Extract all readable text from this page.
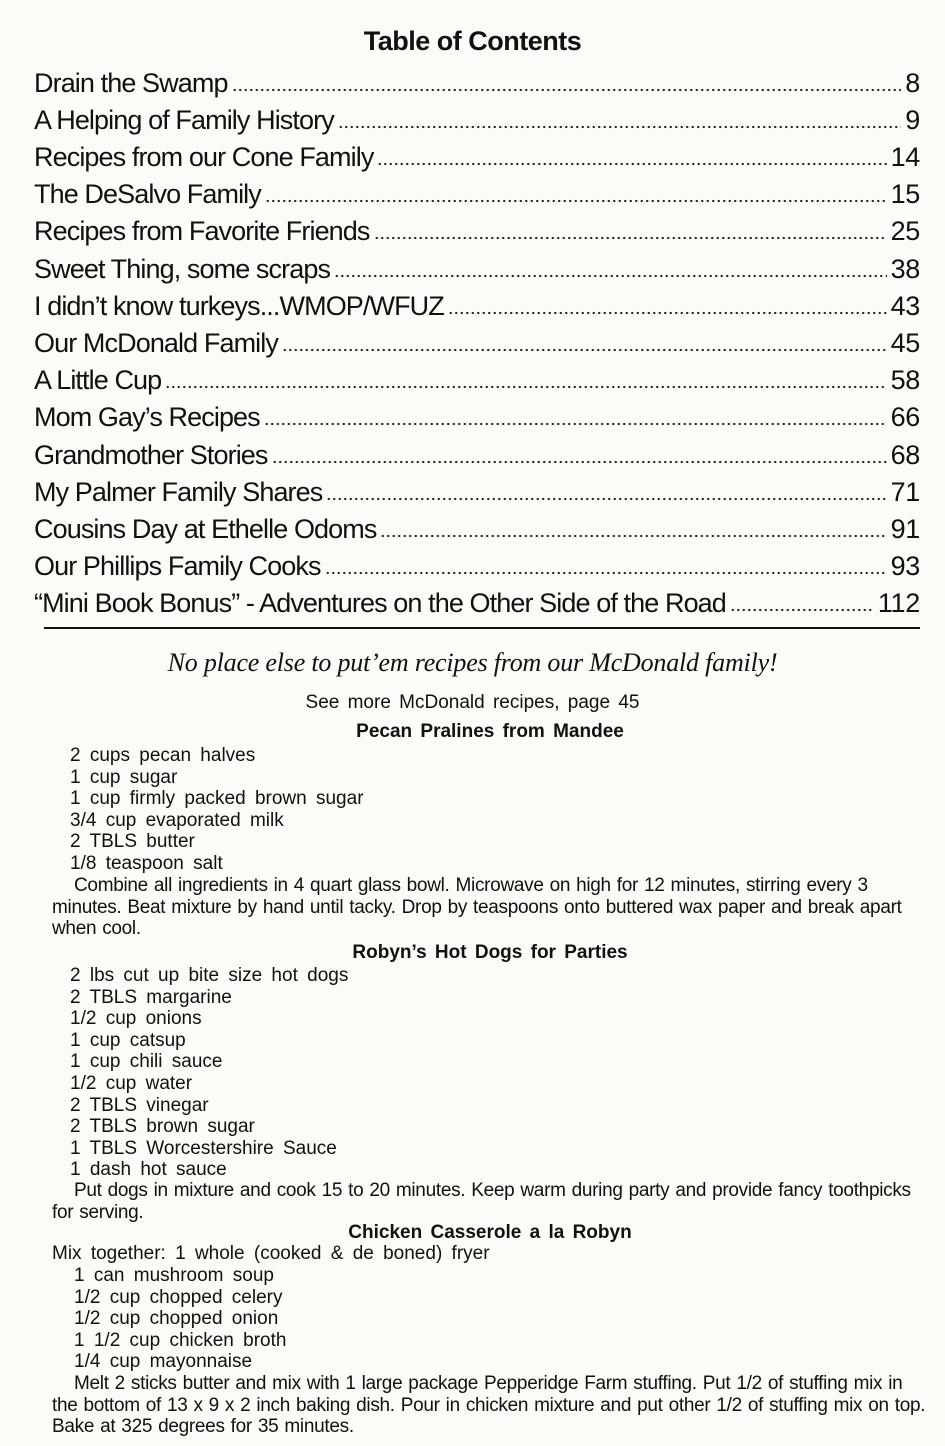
Table of Contents
Drain the Swamp	8
A Helping of Family History	9
Recipes from our Cone Family	14
The DeSalvo Family	15
Recipes from Favorite Friends	25
Sweet Thing, some scraps	38
I didn’t know turkeys...WMOP/WFUZ	43
Our McDonald Family	45
A Little Cup	58
Mom Gay’s Recipes	66
Grandmother Stories	68
My Palmer Family Shares	71
Cousins Day at Ethelle Odoms	91
Our Phillips Family Cooks	93
“Mini Book Bonus” - Adventures on the Other Side of the Road	112
No place else to put’em recipes from our McDonald family!
See more McDonald recipes, page 45
Pecan Pralines from Mandee
2 cups pecan halves
1 cup sugar
1 cup firmly packed brown sugar
3/4 cup evaporated milk
2 TBLS butter
1/8 teaspoon salt
Combine all ingredients in 4 quart glass bowl. Microwave on high for 12 minutes, stirring every 3 minutes. Beat mixture by hand until tacky. Drop by teaspoons onto buttered wax paper and break apart when cool.
Robyn’s Hot Dogs for Parties
2 lbs cut up bite size hot dogs
2 TBLS margarine
1/2 cup onions
1 cup catsup
1 cup chili sauce
1/2 cup water
2 TBLS vinegar
2 TBLS brown sugar
1 TBLS Worcestershire Sauce
1 dash hot sauce
Put dogs in mixture and cook 15 to 20 minutes. Keep warm during party and provide fancy toothpicks for serving.
Chicken Casserole a la Robyn
Mix together: 1 whole (cooked & de boned) fryer
1 can mushroom soup
1/2 cup chopped celery
1/2 cup chopped onion
1 1/2 cup chicken broth
1/4 cup mayonnaise
Melt 2 sticks butter and mix with 1 large package Pepperidge Farm stuffing. Put 1/2 of stuffing mix in the bottom of 13 x 9 x 2 inch baking dish. Pour in chicken mixture and put other 1/2 of stuffing mix on top. Bake at 325 degrees for 35 minutes.
